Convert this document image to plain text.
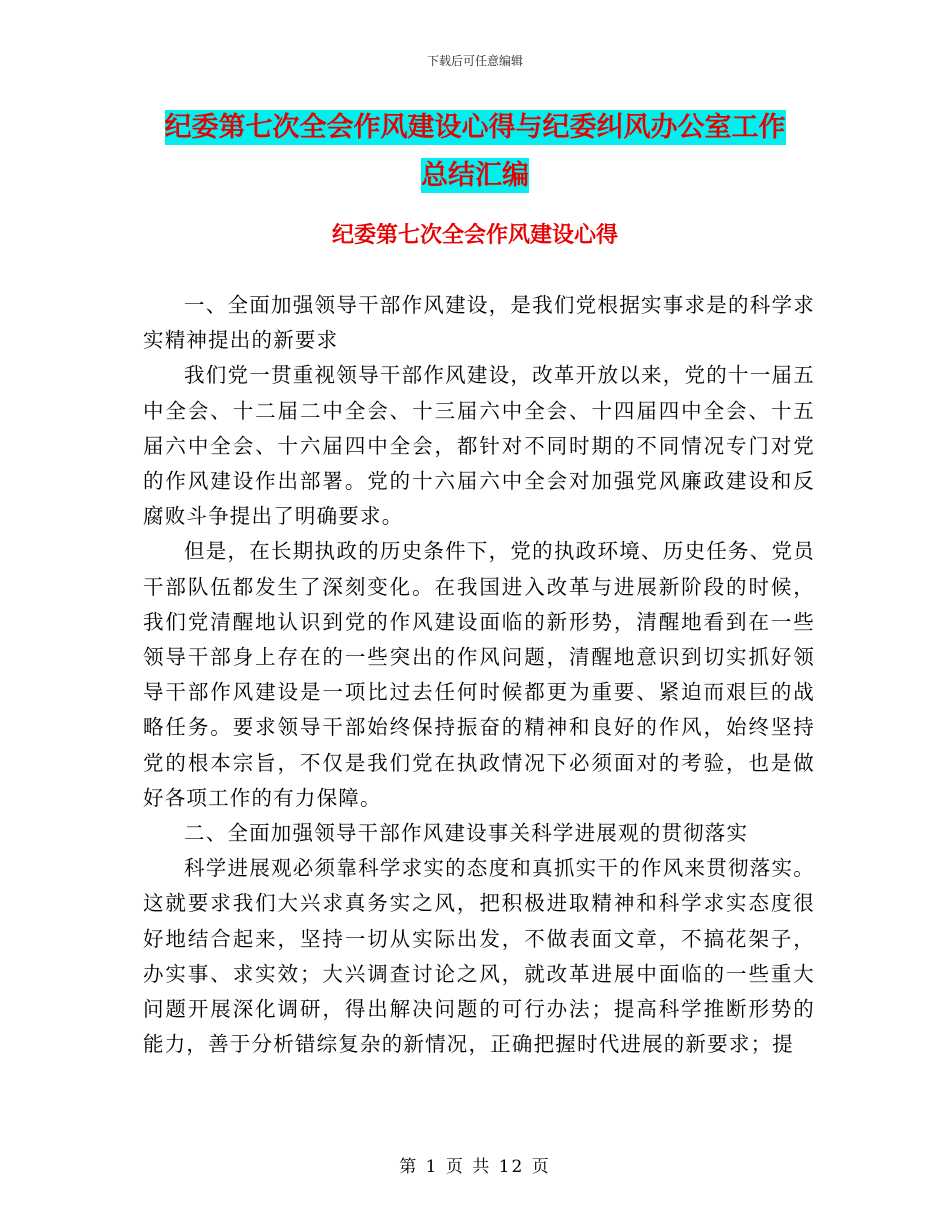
下载后可任意编辑
纪委第七次全会作风建设心得与纪委纠风办公室工作
总结汇编
纪委第七次全会作风建设心得

一、全面加强领导干部作风建设，是我们党根据实事求是的科学求实精神提出的新要求

我们党一贯重视领导干部作风建设，改革开放以来，党的十一届五中全会、十二届二中全会、十三届六中全会、十四届四中全会、十五届六中全会、十六届四中全会，都针对不同时期的不同情况专门对党的作风建设作出部署。党的十六届六中全会对加强党风廉政建设和反腐败斗争提出了明确要求。

但是，在长期执政的历史条件下，党的执政环境、历史任务、党员干部队伍都发生了深刻变化。在我国进入改革与进展新阶段的时候，我们党清醒地认识到党的作风建设面临的新形势，清醒地看到在一些领导干部身上存在的一些突出的作风问题，清醒地意识到切实抓好领导干部作风建设是一项比过去任何时候都更为重要、紧迫而艰巨的战略任务。要求领导干部始终保持振奋的精神和良好的作风，始终坚持党的根本宗旨，不仅是我们党在执政情况下必须面对的考验，也是做好各项工作的有力保障。

二、全面加强领导干部作风建设事关科学进展观的贯彻落实

科学进展观必须靠科学求实的态度和真抓实干的作风来贯彻落实。这就要求我们大兴求真务实之风，把积极进取精神和科学求实态度很好地结合起来，坚持一切从实际出发，不做表面文章，不搞花架子，办实事、求实效；大兴调查讨论之风，就改革进展中面临的一些重大问题开展深化调研，得出解决问题的可行办法；提高科学推断形势的能力，善于分析错综复杂的新情况，正确把握时代进展的新要求；提

第 1 页 共 12 页
